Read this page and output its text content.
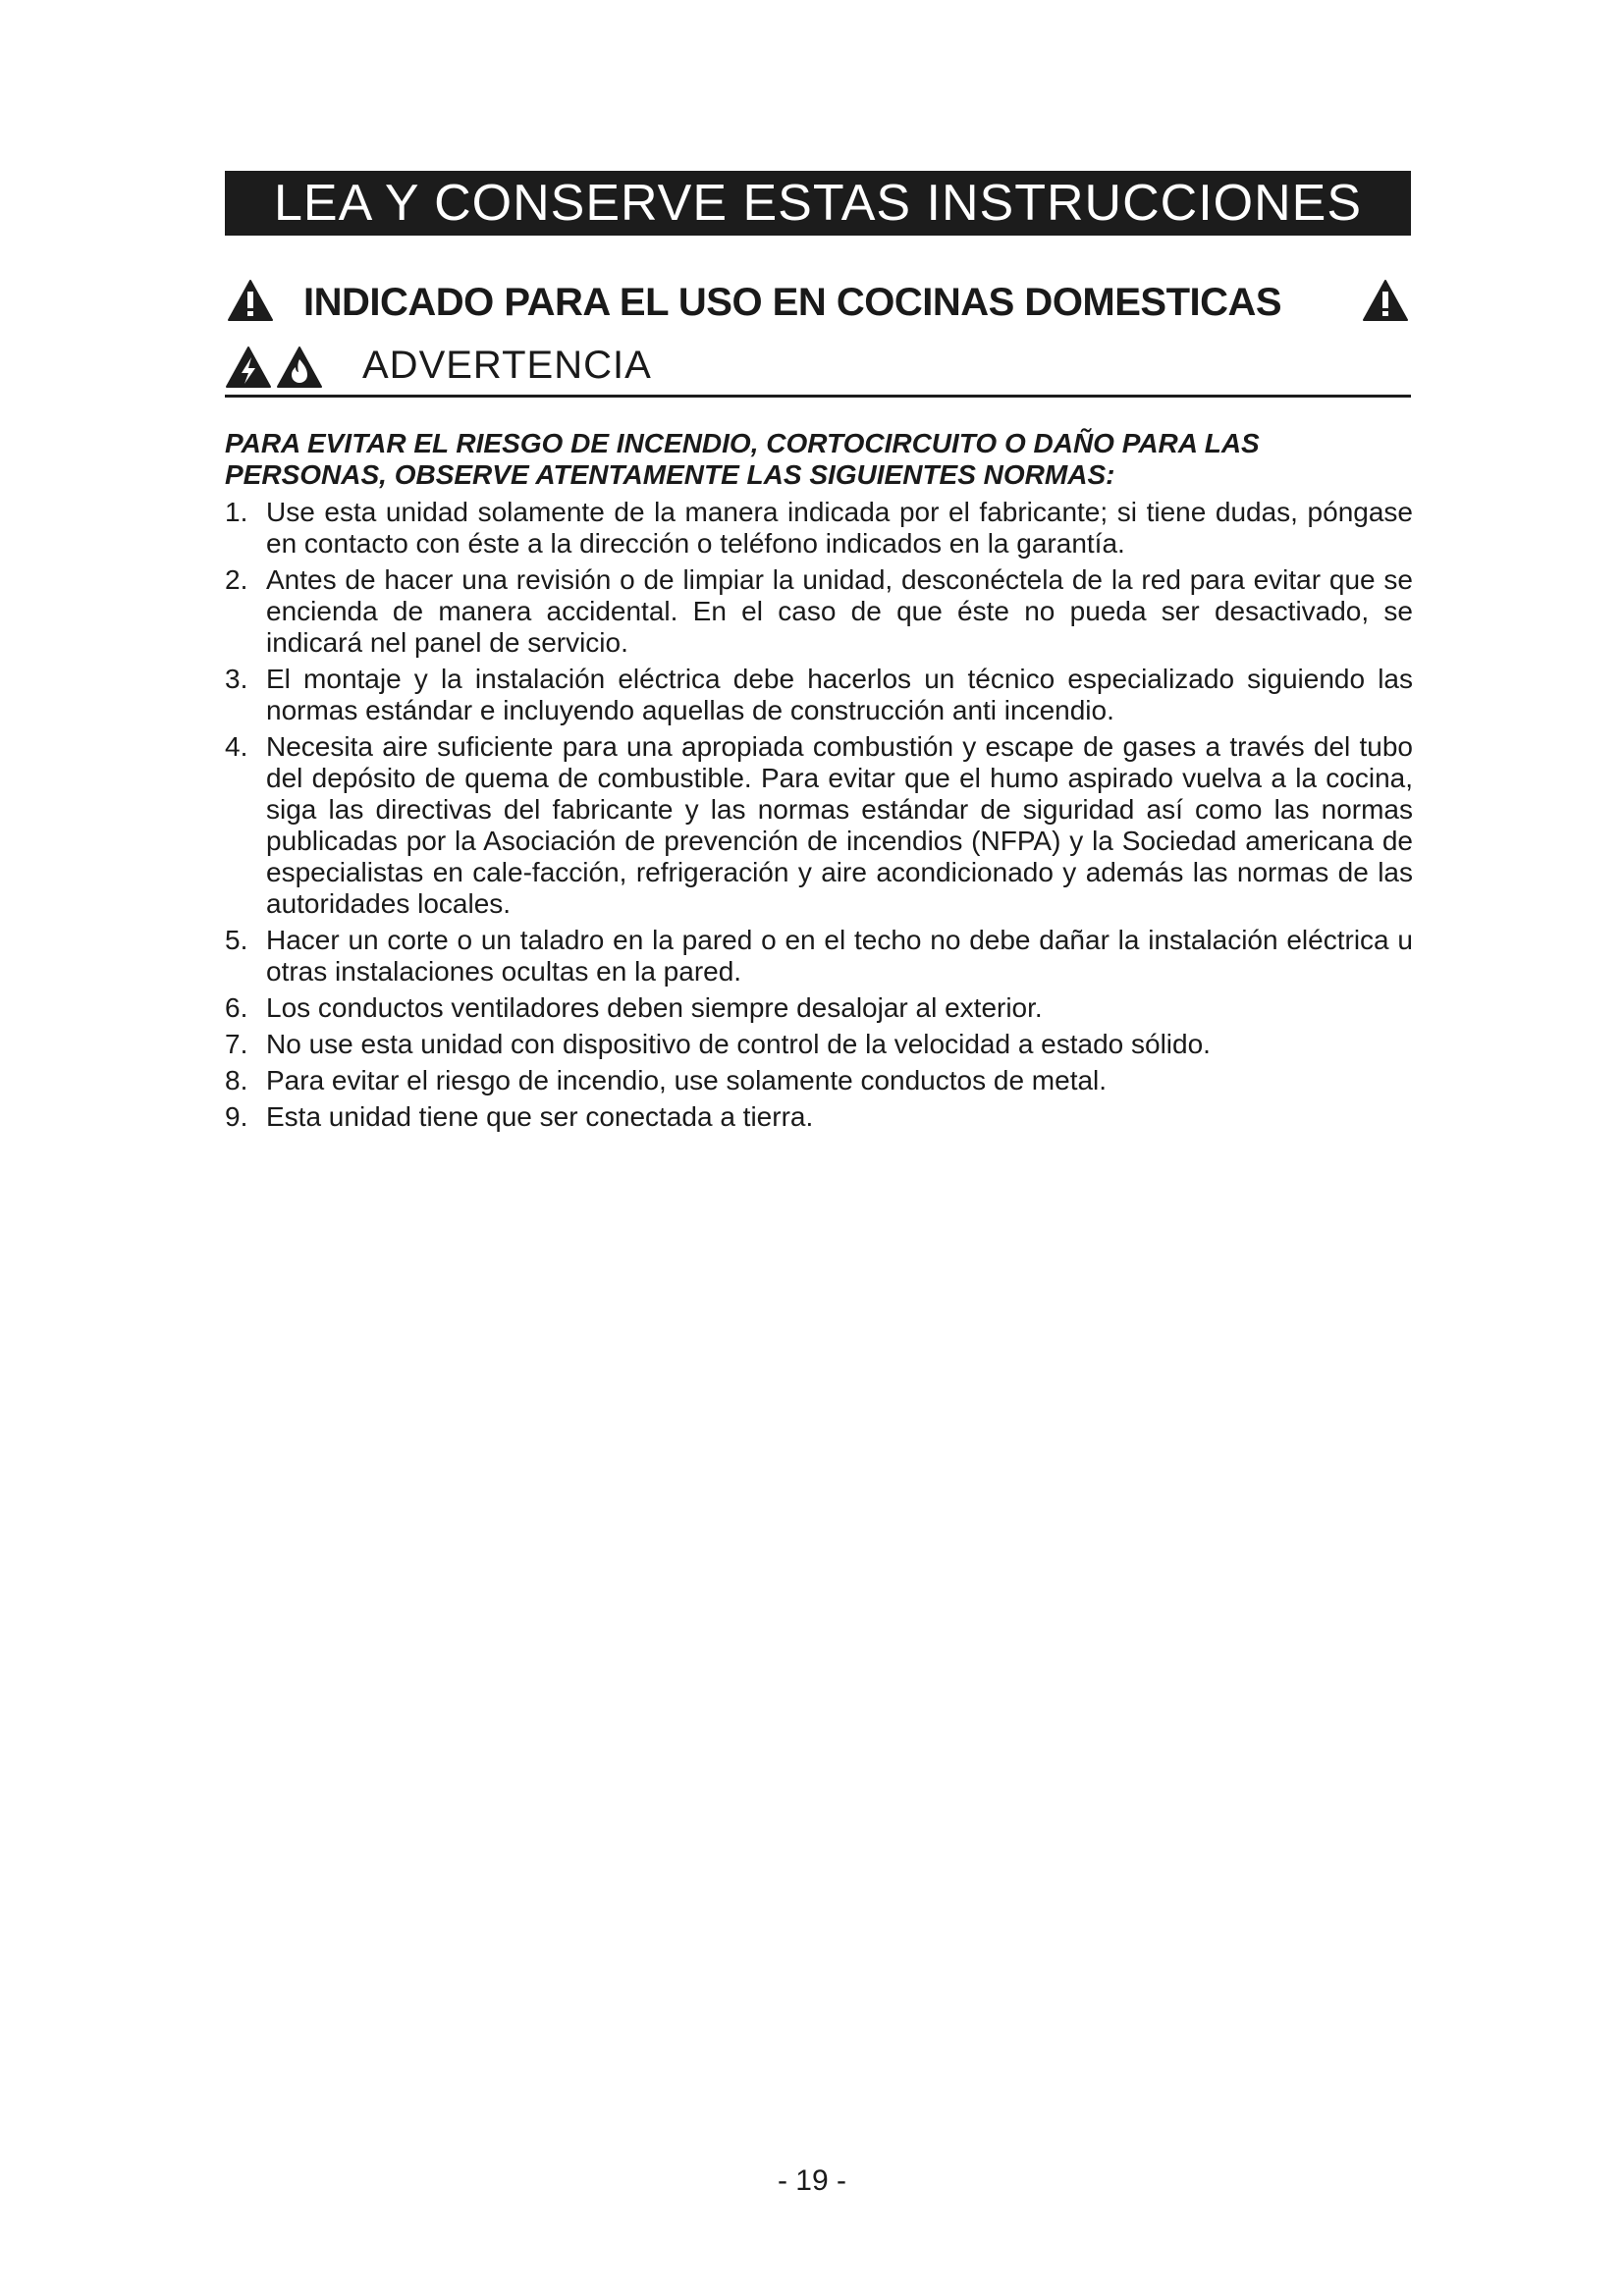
LEA Y CONSERVE ESTAS INSTRUCCIONES
INDICADO PARA EL USO EN COCINAS DOMESTICAS
ADVERTENCIA
PARA EVITAR EL RIESGO DE INCENDIO, CORTOCIRCUITO O DAÑO PARA LAS PERSONAS, OBSERVE ATENTAMENTE LAS SIGUIENTES NORMAS:
1. Use esta unidad solamente de la manera indicada por el fabricante; si tiene dudas, póngase en contacto con éste a la dirección o teléfono indicados en la garantía.
2. Antes de hacer una revisión o de limpiar la unidad, desconéctela de la red para evitar que se encienda de manera accidental. En el caso de que éste no pueda ser desactivado, se indicará nel panel de servicio.
3. El montaje y la instalación eléctrica debe hacerlos un técnico especializado siguiendo las normas estándar e incluyendo aquellas de construcción anti incendio.
4. Necesita aire suficiente para una apropiada combustión y escape de gases a través del tubo del depósito de quema de combustible. Para evitar que el humo aspirado vuelva a la cocina, siga las directivas del fabricante y las normas estándar de siguridad así como las normas publicadas por la Asociación de prevención de incendios (NFPA) y la Sociedad americana de especialistas en cale-facción, refrigeración y aire acondicionado y además las normas de las autoridades locales.
5. Hacer un corte o un taladro en la pared o en el techo no debe dañar la instalación eléctrica u otras instalaciones ocultas en la pared.
6. Los conductos ventiladores deben siempre desalojar al exterior.
7. No use esta unidad con dispositivo de control de la velocidad a estado sólido.
8. Para evitar el riesgo de incendio, use solamente conductos de metal.
9. Esta unidad tiene que ser conectada a tierra.
- 19 -
